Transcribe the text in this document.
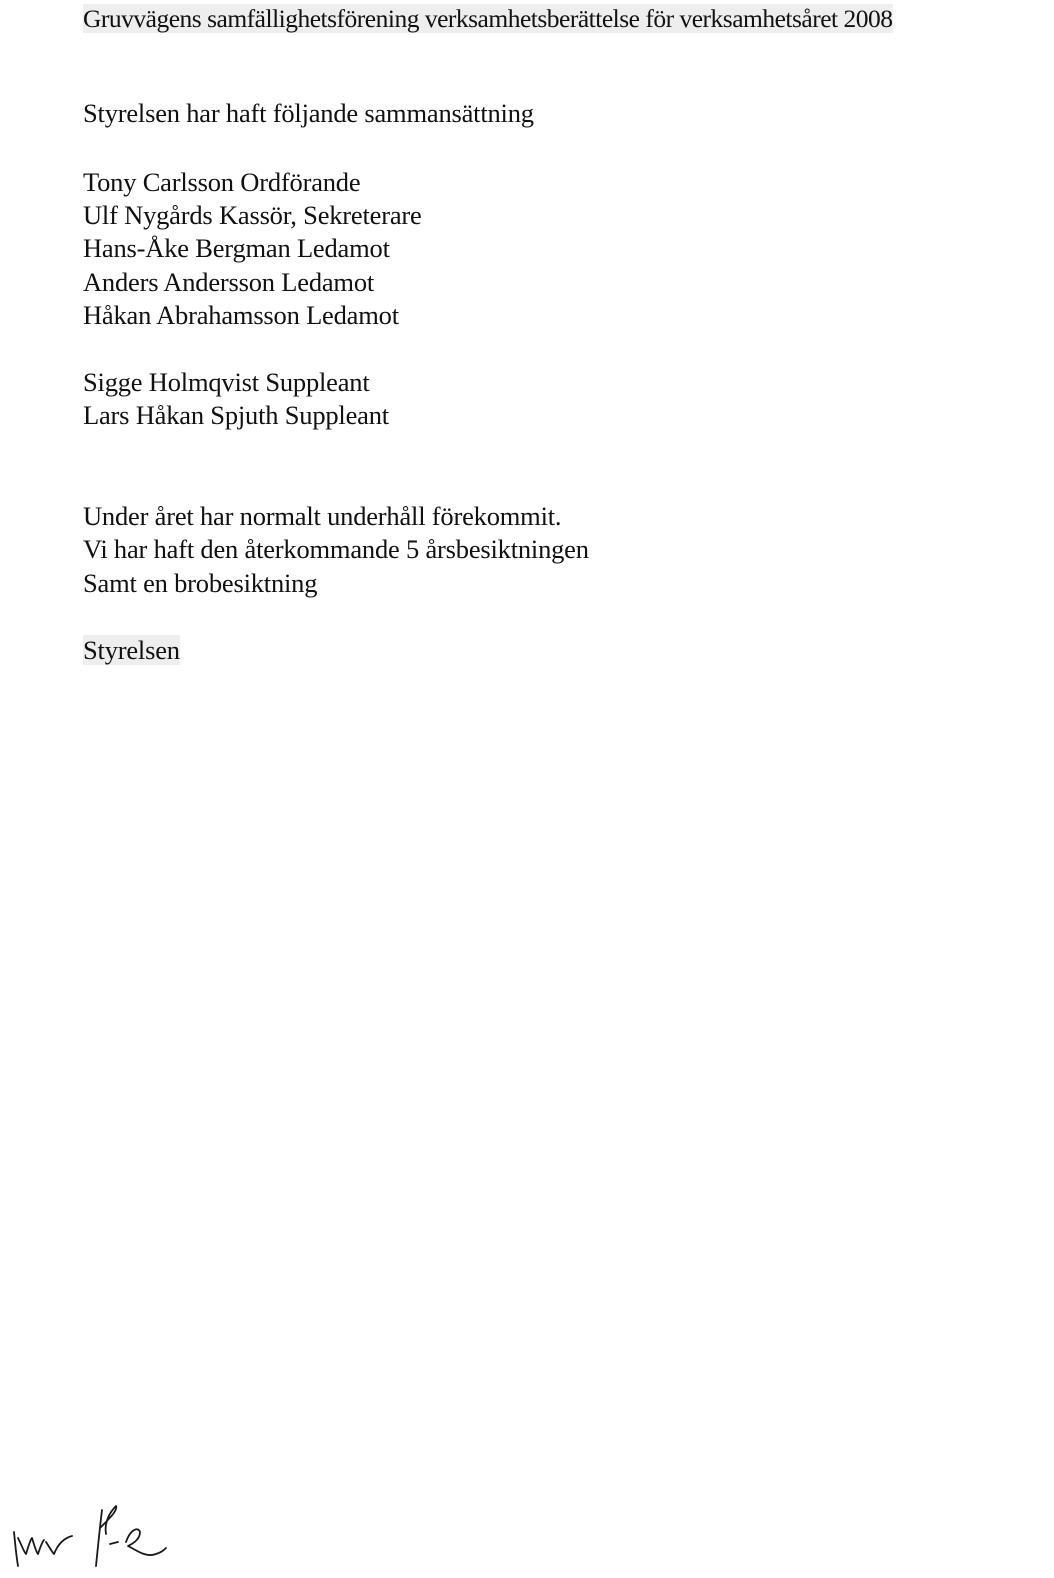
Gruvvägens samfällighetsförening verksamhetsberättelse för verksamhetsåret 2008
Styrelsen har haft följande sammansättning
Tony Carlsson Ordförande
Ulf Nygårds Kassör, Sekreterare
Hans-Åke Bergman Ledamot
Anders Andersson Ledamot
Håkan Abrahamsson Ledamot
Sigge Holmqvist Suppleant
Lars Håkan Spjuth Suppleant
Under året har normalt underhåll förekommit.
Vi har haft den återkommande 5 årsbesiktningen
Samt en brobesiktning
Styrelsen
